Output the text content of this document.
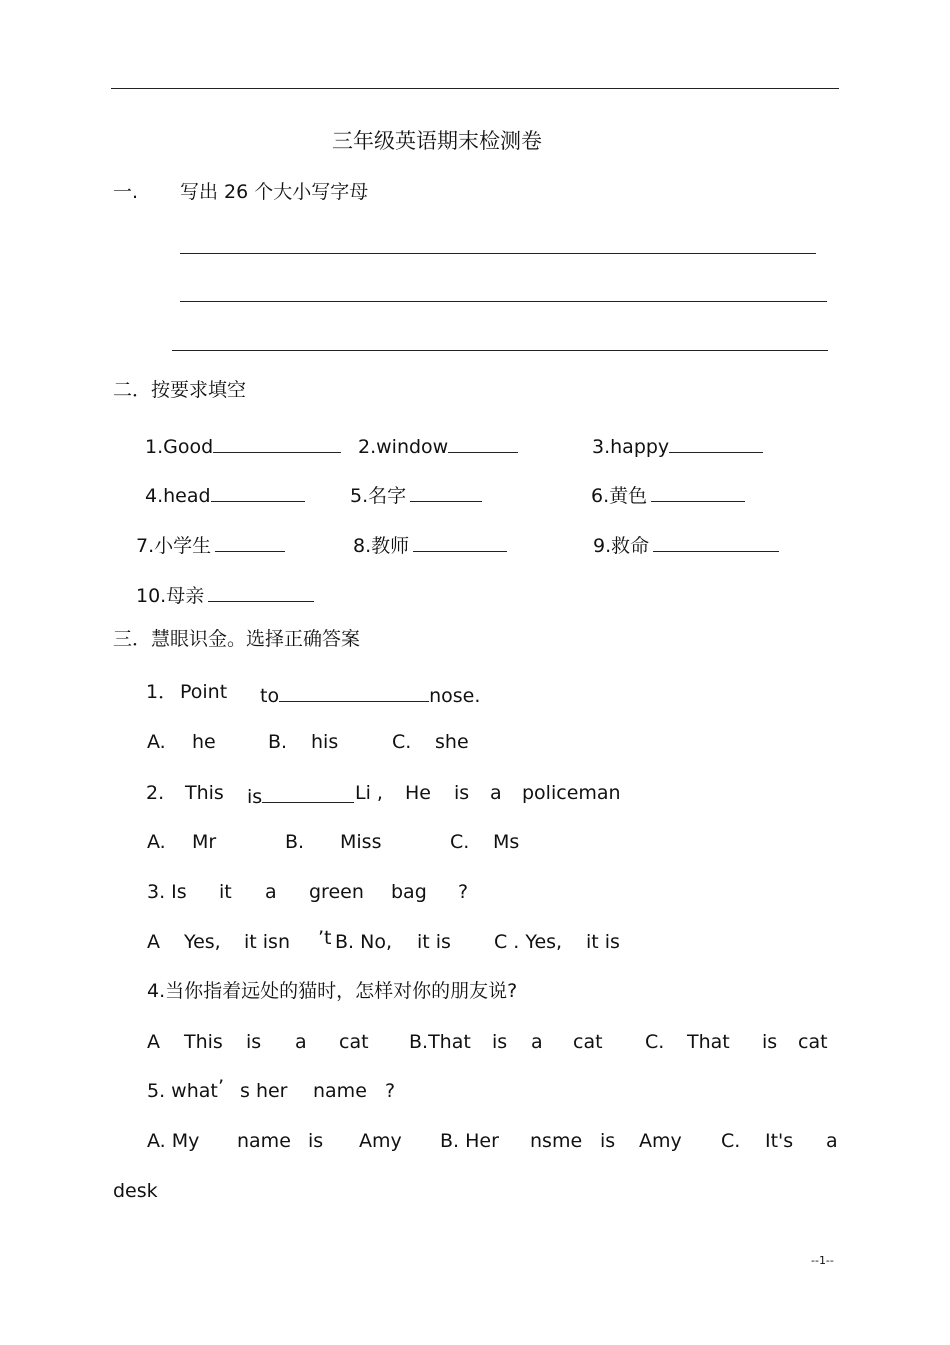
三年级英语期末检测卷
一. 写出 26 个大小写字母
二．按要求填空
1.Good	2.window	3.happy
4.head	5.名字	6.黄色
7.小学生	8.教师	9.救命
10.母亲
三．慧眼识金。选择正确答案
1． Point to	nose.
A. he	B. his	C. she
2. This is	Li , He is a policeman
A. Mr	B. Miss	C. Ms
3. Is it a green bag ?
A Yes, it isn ’t B. No, it is C . Yes, it is
4.当你指着远处的猫时，怎样对你的朋友说?
A This is a cat B.That is a cat C. That is cat
5. what ’ s her name ?
A. My name is Amy B. Her nsme is Amy C. It's a
desk
--1--
